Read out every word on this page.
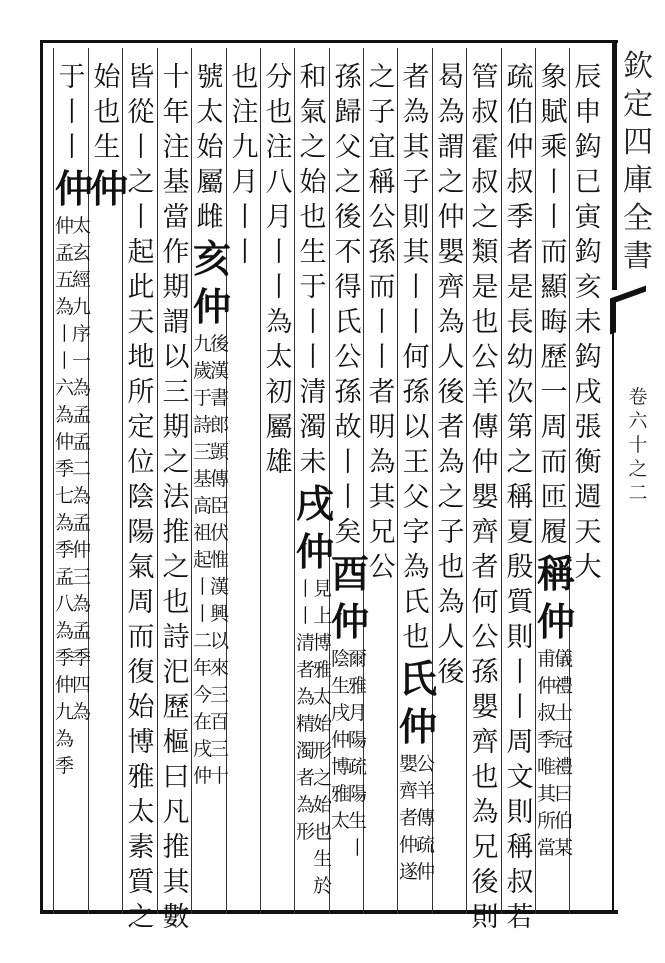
欽
定
四
庫
全
書
卷
六
十
之
二
辰
申
鈎
已
寅
鈎
亥
未
鈎
戌
張
衡
週
天
大
象
賦
乘
丨
丨
而
顯
晦
歷
一
周
而
匝
履
稱
仲
儀
禮
士
冠
禮
曰
伯
某
甫
仲
叔
季
唯
其
所
當
疏
伯
仲
叔
季
者
是
長
幼
次
第
之
稱
夏
殷
質
則
丨
丨
周
文
則
稱
叔
若
管
叔
霍
叔
之
類
是
也
公
羊
傳
仲
嬰
齊
者
何
公
孫
嬰
齊
也
為
兄
後
則
曷
為
謂
之
仲
嬰
齊
為
人
後
者
為
之
子
也
為
人
後
者
為
其
子
則
其
丨
丨
何
孫
以
王
父
字
為
氏
也
氏
仲
公
羊
傳
疏
仲
嬰
齊
者
仲
遂
之
子
宜
稱
公
孫
而
丨
丨
者
明
為
其
兄
公
孫
歸
父
之
後
不
得
氏
公
孫
故
丨
丨
矣
酉
仲
爾
雅
月
陽
疏
陽
生
丨
陰
生
戌
仲
博
雅
太
和
氣
之
始
也
生
于
丨
丨
清
濁
未
戌
仲
見
上
博
雅
太
始
形
之
始
也
生
於
丨
丨
清
者
為
精
濁
者
為
形
分
也
注
八
月
丨
丨
為
太
初
屬
雄
也
注
九
月
丨
丨
號
太
始
屬
雌
亥
仲
後
漢
書
郎
顗
傳
臣
伏
惟
漢
興
以
來
三
百
三
十
九
歲
于
詩
三
基
高
祖
起
丨
丨
二
年
今
在
戌
仲
十
年
注
基
當
作
期
謂
以
三
期
之
法
推
之
也
詩
汜
歷
樞
曰
凡
推
其
數
皆
從
丨
之
丨
起
此
天
地
所
定
位
陰
陽
氣
周
而
復
始
博
雅
太
素
質
之
始
也
生
仲
于
丨
丨
仲
太
玄
經
九
序
一
為
孟
孟
二
為
孟
仲
三
為
孟
季
四
為
仲
孟
五
為
丨
丨
六
為
仲
季
七
為
季
孟
八
為
季
仲
九
為
季
